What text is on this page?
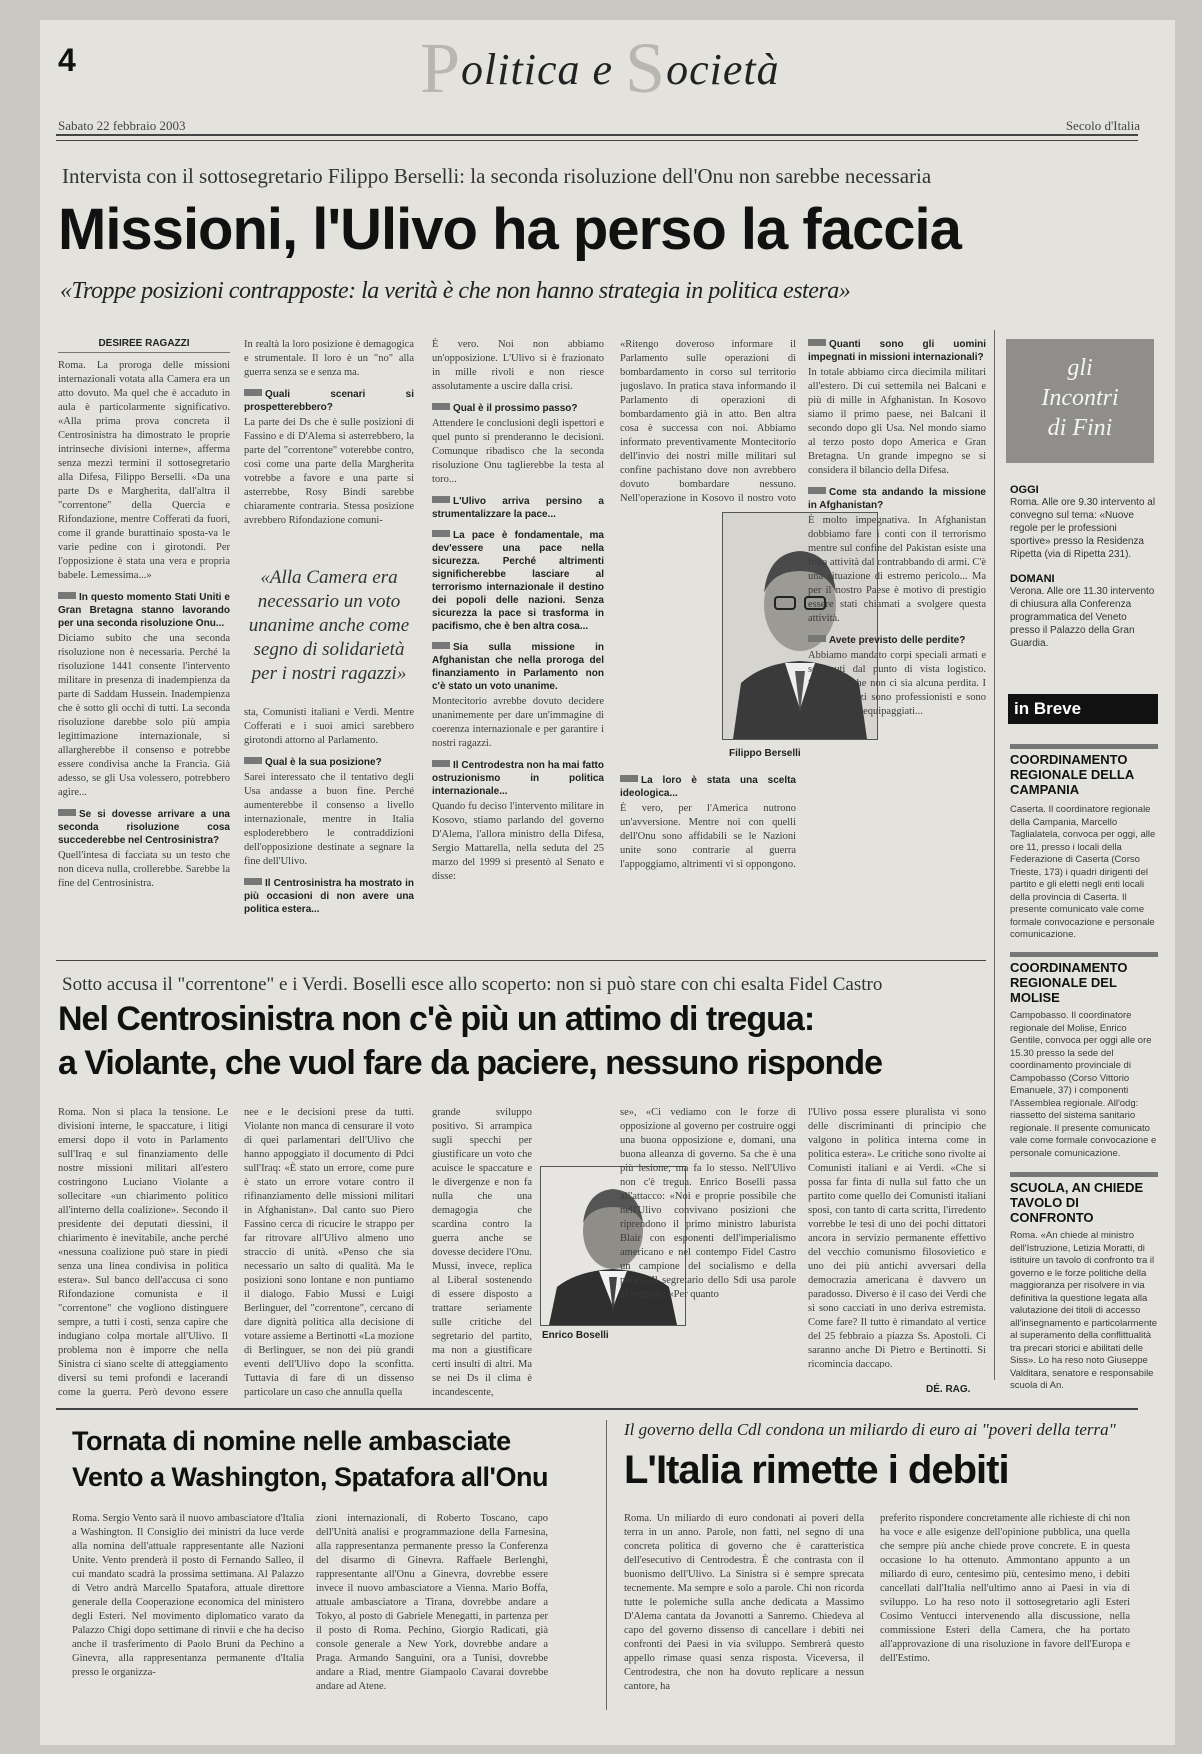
4	Politica e Società
Sabato 22 febbraio 2003	Secolo d'Italia
Intervista con il sottosegretario Filippo Berselli: la seconda risoluzione dell'Onu non sarebbe necessaria
Missioni, l'Ulivo ha perso la faccia
«Troppe posizioni contrapposte: la verità è che non hanno strategia in politica estera»
DÉSIRÉE RAGAZZI

Roma. La proroga delle missioni internazionali votata alla Camera era un atto dovuto. Ma quel che è accaduto in aula è particolarmente significativo. «Alla prima prova concreta il Centrosinistra ha dimostrato le proprie intrinseche divisioni interne», afferma senza mezzi termini il sottosegretario alla Difesa, Filippo Berselli. «Da una parte Ds e Margherita, dall'altra il "correntone" della Quercia e Rifondazione, mentre Cofferati da fuori, come il grande burattinaio sposta-va le varie pedine con i girotondi. Per l'opposizione è stata una vera e propria babele. Lemessima...»

In questo momento Stati Uniti e Gran Bretagna stanno lavorando per una seconda risoluzione Onu...

Diciamo subito che una seconda risoluzione non è necessaria. Perché la risoluzione 1441 consente l'intervento militare in presenza di inadempienza da parte di Saddam Hussein. Inadempienza che è sotto gli occhi di tutti. La seconda risoluzione darebbe solo più ampia legittimazione internazionale, si allargherebbe il consenso e potrebbe essere condivisa anche la Francia. Già adesso, se gli Usa volessero, potrebbero agire...

Se si dovesse arrivare a una seconda risoluzione cosa succederebbe nel Centrosinistra?

Quell'intesa di facciata su un testo che non diceva nulla, crollerebbe. Sarebbe la fine del Centrosinistra.

In realtà la loro posizione è demagogica e strumentale. Il loro è un "no" alla guerra senza se e senza ma.

Quali scenari si prospetterebbero?

La parte dei Ds che è sulle posizioni di Fassino e di D'Alema si asterrebbero, la parte del "correntone" voterebbe contro, così come una parte della Margherita votrebbe a favore e una parte si asterrebbe, Rosy Bindi sarebbe chiaramente contraria. Stessa posizione avrebbero Rifondazione comuni-

«Alla Camera era necessario un voto unanime anche come segno di solidarietà per i nostri ragazzi»

sta, Comunisti italiani e Verdi. Mentre Cofferati e i suoi amici sarebbero girotondi attorno al Parlamento.

Qual è la sua posizione?

Sarei interessato che il tentativo degli Usa andasse a buon fine. Perché aumenterebbe il consenso a livello internazionale, mentre in Italia esploderebbero le contraddizioni dell'opposizione destinate a segnare la fine dell'Ulivo.

Il Centrosinistra ha mostrato in più occasioni di non avere una politica estera...

È vero. Noi non abbiamo un'opposizione. L'Ulivo si è frazionato in mille rivoli e non riesce assolutamente a uscire dalla crisi.

Qual è il prossimo passo?

Attendere le conclusioni degli ispettori e quel punto si prenderanno le decisioni. Comunque ribadisco che la seconda risoluzione Onu taglierebbe la testa al toro...

L'Ulivo arriva persino a strumentalizzare la pace...
La pace è fondamentale, ma dev'essere una pace nella sicurezza. Perché altrimenti significherebbe lasciare al terrorismo internazionale il destino dei popoli delle nazioni. Senza sicurezza la pace si trasforma in pacifismo, che è ben altra cosa...
Sia sulla missione in Afghanistan che nella proroga del finanziamento in Parlamento non c'è stato un voto unanime.

Montecitorio avrebbe dovuto decidere unanimemente per dare un'immagine di coerenza internazionale e per garantire i nostri ragazzi.

Il Centrodestra non ha mai fatto ostruzionismo in politica internazionale...

Quando fu deciso l'intervento militare in Kosovo, stiamo parlando del governo D'Alema, l'allora ministro della Difesa, Sergio Mattarella, nella seduta del 25 marzo del 1999 si presentò al Senato e disse:

«Ritengo doveroso informare il Parlamento sulle operazioni di bombardamento in corso sul territorio jugoslavo. In pratica stava informando il Parlamento di operazioni di bombardamento già in atto. Ben altra cosa è successa con noi. Abbiamo informato preventivamente Montecitorio dell'invio dei nostri mille militari sul confine pachistano dove non avrebbero dovuto bombardare nessuno. Nell'operazione in Kosovo il nostro voto

Filippo Berselli
La loro è stata una scelta ideologica...

È vero, per l'America nutrono un'avversione. Mentre noi con quelli dell'Onu sono affidabili se le Nazioni unite sono contrarie al guerra l'appoggiamo, altrimenti vi si oppongono.

Quanti sono gli uomini impegnati in missioni internazionali?

In totale abbiamo circa diecimila militari all'estero. Di cui settemila nei Balcani e più di mille in Afghanistan. In Kosovo siamo il primo paese, nei Balcani il secondo dopo gli Usa. Nel mondo siamo al terzo posto dopo America e Gran Bretagna. Un grande impegno se si considera il bilancio della Difesa.

Come sta andando la missione in Afghanistan?

È molto impegnativa. In Afghanistan dobbiamo fare i conti con il terrorismo mentre sul confine del Pakistan esiste una folta attività dal contrabbando di armi. C'è una situazione di estremo pericolo... Ma per il nostro Paese è motivo di prestigio essere stati chiamati a svolgere questa attività.

Avete previsto delle perdite?

Abbiamo mandato corpi speciali armati e sostenuti dal punto di vista logistico. Speriamo che non ci sia alcuna perdita. I nostri ragazzi sono professionisti e sono ottimamente equipaggiati...

gli
Incontri
di Fini
OGGI
Roma. Alle ore 9.30 intervento al convegno sul tema: «Nuove regole per le professioni sportive» presso la Residenza Ripetta (via di Ripetta 231).
DOMANI
Verona. Alle ore 11.30 intervento di chiusura alla Conferenza programmatica del Veneto presso il Palazzo della Gran Guardia.
in Breve
COORDINAMENTO REGIONALE DELLA CAMPANIA
Caserta. Il coordinatore regionale della Campania, Marcello Taglialatela, convoca per oggi, alle ore 11, presso i locali della Federazione di Caserta (Corso Trieste, 173) i quadri dirigenti del partito e gli eletti negli enti locali della provincia di Caserta. Il presente comunicato vale come formale convocazione e personale comunicazione.
COORDINAMENTO REGIONALE DEL MOLISE
Campobasso. Il coordinatore regionale del Molise, Enrico Gentile, convoca per oggi alle ore 15.30 presso la sede del coordinamento provinciale di Campobasso (Corso Vittorio Emanuele, 37) i componenti l'Assemblea regionale. All'odg: riassetto del sistema sanitario regionale. Il presente comunicato vale come formale convocazione e personale comunicazione.
SCUOLA, AN CHIEDE TAVOLO DI CONFRONTO
Roma. «An chiede al ministro dell'Istruzione, Letizia Moratti, di istituire un tavolo di confronto tra il governo e le forze politiche della maggioranza per risolvere in via definitiva la questione legata alla valutazione dei titoli di accesso all'insegnamento e particolarmente al superamento della conflittualità tra precari storici e abilitati delle Siss». Lo ha reso noto Giuseppe Valditara, senatore e responsabile scuola di An.
Sotto accusa il "correntone" e i Verdi. Boselli esce allo scoperto: non si può stare con chi esalta Fidel Castro
Nel Centrosinistra non c'è più un attimo di tregua:
a Violante, che vuol fare da paciere, nessuno risponde

Roma. Non si placa la tensione. Le divisioni interne, le spaccature, i litigi emersi dopo il voto in Parlamento sull'Iraq e sul finanziamento delle nostre missioni militari all'estero costringono Luciano Violante a sollecitare «un chiarimento politico all'interno della coalizione». Secondo il presidente dei deputati diessini, il chiarimento è inevitabile, anche perché «nessuna coalizione può stare in piedi senza una linea condivisa in politica estera». Sul banco dell'accusa ci sono Rifondazione comunista e il "correntone" che vogliono distinguere sempre, a tutti i costi, senza capire che indugiano colpa mortale all'Ulivo. Il problema non è imporre che nella Sinistra ci siano scelte di atteggiamento diversi su temi profondi e lacerandi come la guerra. Però devono essere

nee e le decisioni prese da tutti. Violante non manca di censurare il voto di quei parlamentari dell'Ulivo che hanno appoggiato il documento di Pdci sull'Iraq: «È stato un errore, come pure è stato un errore votare contro il rifinanziamento delle missioni militari in Afghanistan». Dal canto suo Piero Fassino cerca di ricucire le strappo per far ritrovare all'Ulivo almeno uno straccio di unità. «Penso che sia necessario un salto di qualità. Ma le posizioni sono lontane e non puntiamo il dialogo. Fabio Mussi e Luigi Berlinguer, del "correntone", cercano di dare dignità politica alla decisione di votare assieme a Bertinotti «La mozione di Berlinguer, se non dei più grandi eventi dell'Ulivo dopo la sconfitta. Tuttavia di fare di un dissenso particolare un caso che annulla quella

grande sviluppo positivo. Si arrampica sugli specchi per giustificare un voto che acuisce le spaccature e le divergenze e non fa nulla che una demagogia che scardina contro la guerra anche se dovesse decidere l'Onu. Mussi, invece, replica al Liberal sostenendo di essere disposto a trattare seriamente sulle critiche del segretario del partito, ma non a giustificare certi insulti di altri. Ma se nei Ds il clima è incandescente,

Enrico Boselli

se», «Ci vediamo con le forze di opposizione al governo per costruire oggi una buona opposizione e, domani, una buona alleanza di governo. Sa che è una più lesione, ma fa lo stesso. Nell'Ulivo non c'è tregua. Enrico Boselli passa all'attacco: «Noi e proprie possibile che nell'Ulivo convivano posizioni che riprendono il primo ministro laburista Blair con esponenti dell'imperialismo americano e nel contempo Fidel Castro un campione del socialismo e della pace». Il segretario dello Sdi usa parole al vetriolo: «Per quanto

l'Ulivo possa essere pluralista vi sono delle discriminanti di principio che valgono in politica interna come in politica estera». Le critiche sono rivolte ai Comunisti italiani e ai Verdi. «Che si possa far finta di nulla sul fatto che un partito come quello dei Comunisti italiani sposi, con tanto di carta scritta, l'irredento vorrebbe le tesi di uno dei pochi dittatori ancora in servizio permanente effettivo del vecchio comunismo filosovietico e uno dei più antichi avversari della democrazia americana è davvero un paradosso. Diverso è il caso dei Verdi che si sono cacciati in uno deriva estremista. Come fare? Il tutto è rimandato al vertice del 25 febbraio a piazza Ss. Apostoli. Ci saranno anche Di Pietro e Bertinotti. Si ricomincia daccapo.

DÉ. RAG.
Tornata di nomine nelle ambasciate
Vento a Washington, Spatafora all'Onu

Roma. Sergio Vento sarà il nuovo ambasciatore d'Italia a Washington. Il Consiglio dei ministri da luce verde alla nomina dell'attuale rappresentante alle Nazioni Unite. Vento prenderà il posto di Fernando Salleo, il cui mandato scadrà la prossima settimana. Al Palazzo di Vetro andrà Marcello Spatafora, attuale direttore generale della Cooperazione economica del ministero degli Esteri. Nel movimento diplomatico varato da Palazzo Chigi dopo settimane di rinvii e che ha deciso anche il trasferimento di Paolo Bruni da Pechino a Ginevra, alla rappresentanza permanente d'Italia presso le organizza-

zioni internazionali, di Roberto Toscano, capo dell'Unità analisi e programmazione della Farnesina, alla rappresentanza permanente presso la Conferenza del disarmo di Ginevra. Raffaele Berlenghi, rappresentante all'Onu a Ginevra, dovrebbe essere invece il nuovo ambasciatore a Vienna. Mario Boffa, attuale ambasciatore a Tirana, dovrebbe andare a Tokyo, al posto di Gabriele Menegatti, in partenza per il posto di Roma. Pechino, Giorgio Radicati, già console generale a New York, dovrebbe andare a Praga. Armando Sanguini, ora a Tunisi, dovrebbe andare a Riad, mentre Giampaolo Cavarai dovrebbe andare ad Atene.

Il governo della Cdl condona un miliardo di euro ai "poveri della terra"
L'Italia rimette i debiti

Roma. Un miliardo di euro condonati ai poveri della terra in un anno. Parole, non fatti, nel segno di una concreta politica di governo che è caratteristica dell'esecutivo di Centrodestra. È che contrasta con il buonismo dell'Ulivo. La Sinistra si è sempre sprecata tecnemente. Ma sempre e solo a parole. Chi non ricorda tutte le polemiche sulla anche dedicata a Massimo D'Alema cantata da Jovanotti a Sanremo. Chiedeva al capo del governo dissenso di cancellare i debiti nei confronti dei Paesi in via sviluppo. Sembrerà questo appello rimase quasi senza risposta. Viceversa, il Centrodestra, che non ha dovuto replicare a nessun cantore, ha

preferito rispondere concretamente alle richieste di chi non ha voce e alle esigenze dell'opinione pubblica, una quella che sempre più anche chiede prove concrete. E in questa occasione lo ha ottenuto. Ammontano appunto a un miliardo di euro, centesimo più, centesimo meno, i debiti cancellati dall'Italia nell'ultimo anno ai Paesi in via di sviluppo. Lo ha reso noto il sottosegretario agli Esteri Cosimo Ventucci intervenendo alla discussione, nella commissione Esteri della Camera, che ha portato all'approvazione di una risoluzione in favore dell'Europa e dell'Estimo.
